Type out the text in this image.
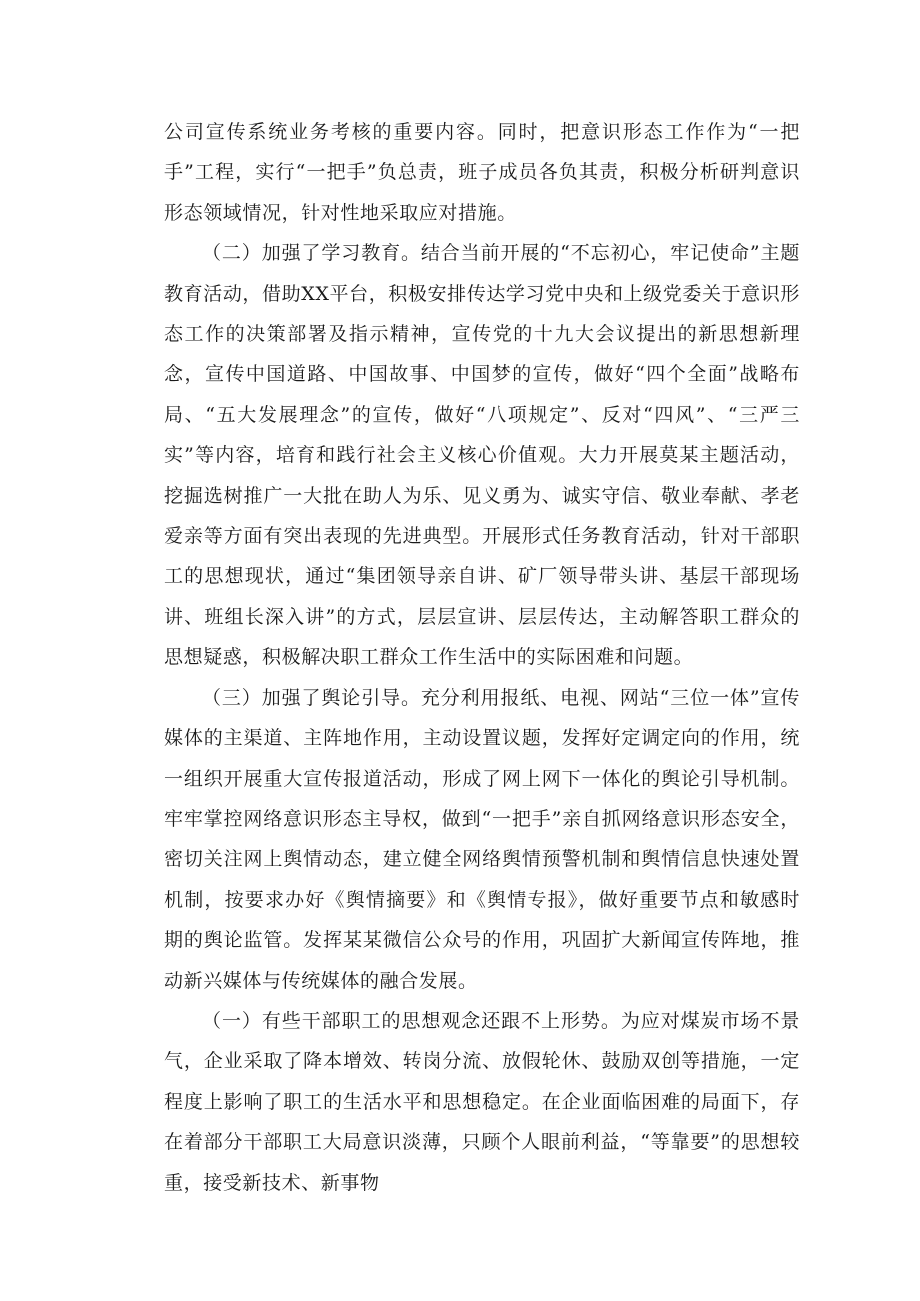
公司宣传系统业务考核的重要内容。同时，把意识形态工作作为“一把手”工程，实行“一把手”负总责，班子成员各负其责，积极分析研判意识形态领域情况，针对性地采取应对措施。

（二）加强了学习教育。结合当前开展的“不忘初心，牢记使命”主题教育活动，借助XX平台，积极安排传达学习党中央和上级党委关于意识形态工作的决策部署及指示精神，宣传党的十九大会议提出的新思想新理念，宣传中国道路、中国故事、中国梦的宣传，做好“四个全面”战略布局、“五大发展理念”的宣传，做好“八项规定”、反对“四风”、“三严三实”等内容，培育和践行社会主义核心价值观。大力开展莫某主题活动，挖掘选树推广一大批在助人为乐、见义勇为、诚实守信、敬业奉献、孝老爱亲等方面有突出表现的先进典型。开展形式任务教育活动，针对干部职工的思想现状，通过“集团领导亲自讲、矿厂领导带头讲、基层干部现场讲、班组长深入讲”的方式，层层宣讲、层层传达，主动解答职工群众的思想疑惑，积极解决职工群众工作生活中的实际困难和问题。

（三）加强了舆论引导。充分利用报纸、电视、网站“三位一体”宣传媒体的主渠道、主阵地作用，主动设置议题，发挥好定调定向的作用，统一组织开展重大宣传报道活动，形成了网上网下一体化的舆论引导机制。牢牢掌控网络意识形态主导权，做到“一把手”亲自抓网络意识形态安全，密切关注网上舆情动态，建立健全网络舆情预警机制和舆情信息快速处置机制，按要求办好《舆情摘要》和《舆情专报》，做好重要节点和敏感时期的舆论监管。发挥某某微信公众号的作用，巩固扩大新闻宣传阵地，推动新兴媒体与传统媒体的融合发展。

（一）有些干部职工的思想观念还跟不上形势。为应对煤炭市场不景气，企业采取了降本增效、转岗分流、放假轮休、鼓励双创等措施，一定程度上影响了职工的生活水平和思想稳定。在企业面临困难的局面下，存在着部分干部职工大局意识淡薄，只顾个人眼前利益，“等靠要”的思想较重，接受新技术、新事物
